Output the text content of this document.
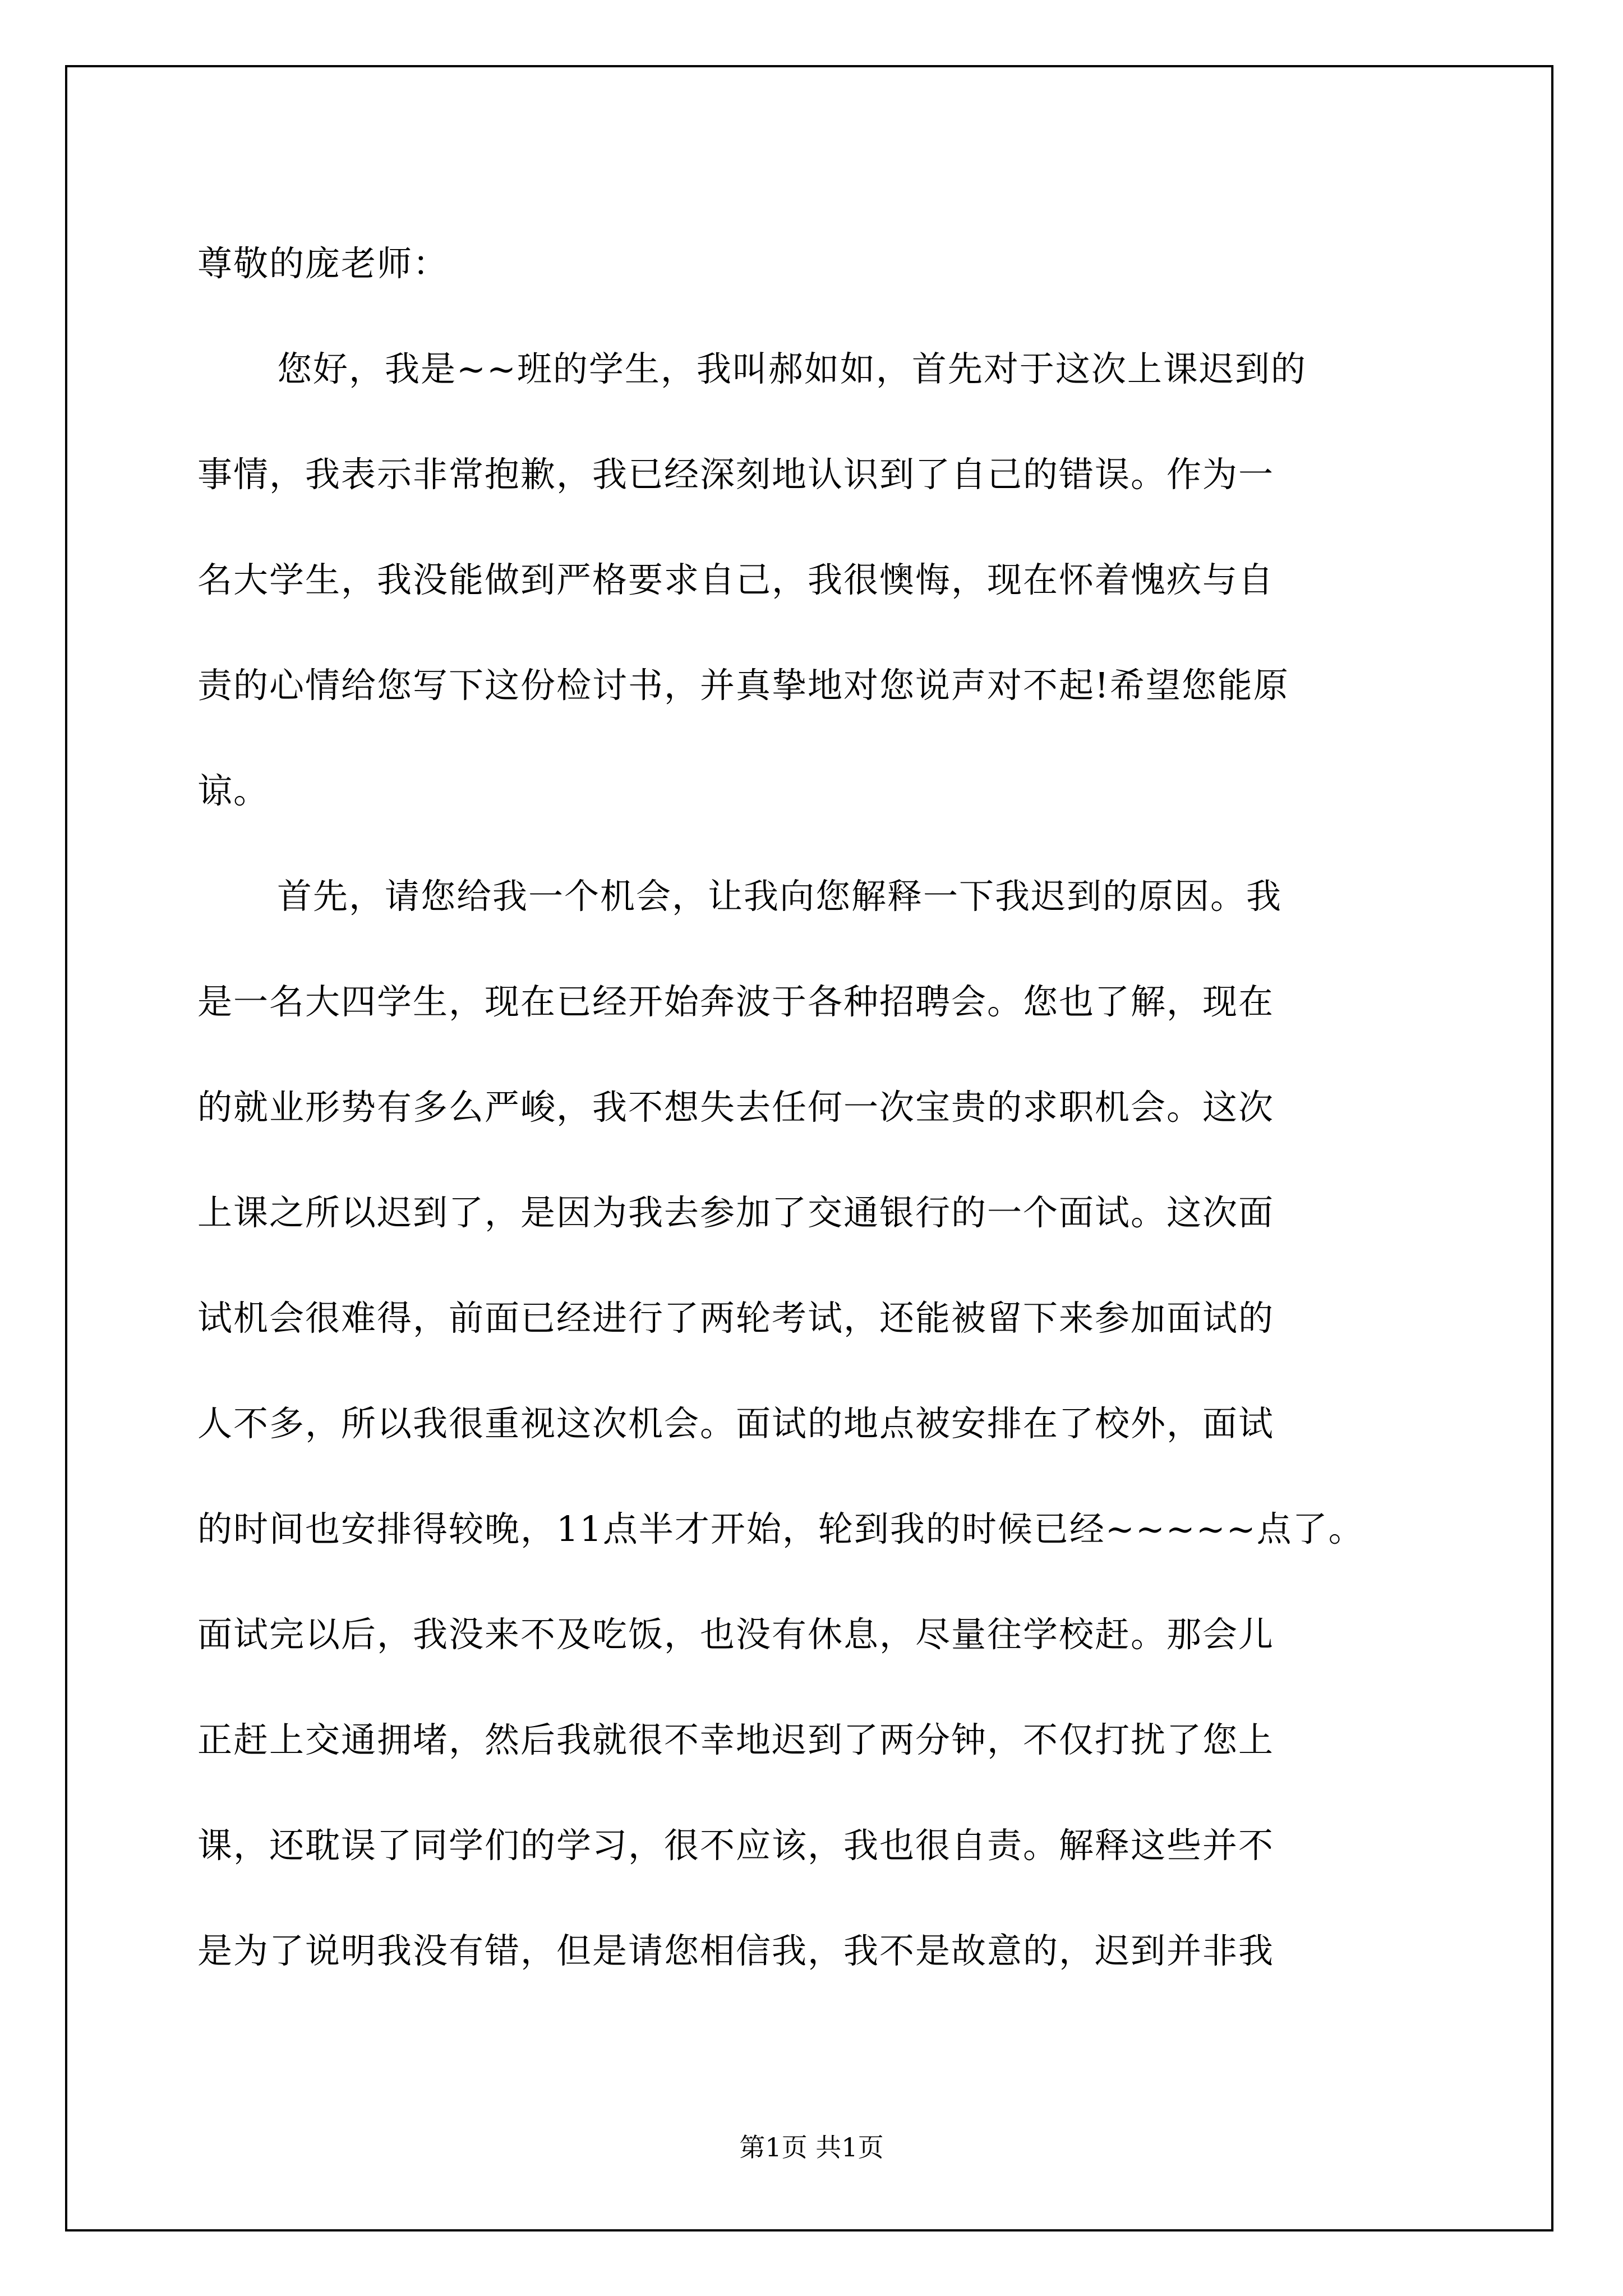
尊敬的庞老师：
您好，我是~~班的学生，我叫郝如如，首先对于这次上课迟到的
事情，我表示非常抱歉，我已经深刻地认识到了自己的错误。作为一
名大学生，我没能做到严格要求自己，我很懊悔，现在怀着愧疚与自
责的心情给您写下这份检讨书，并真挚地对您说声对不起!希望您能原
谅。
首先，请您给我一个机会，让我向您解释一下我迟到的原因。我
是一名大四学生，现在已经开始奔波于各种招聘会。您也了解，现在
的就业形势有多么严峻，我不想失去任何一次宝贵的求职机会。这次
上课之所以迟到了，是因为我去参加了交通银行的一个面试。这次面
试机会很难得，前面已经进行了两轮考试，还能被留下来参加面试的
人不多，所以我很重视这次机会。面试的地点被安排在了校外，面试
的时间也安排得较晚，11点半才开始，轮到我的时候已经~~~~~点了。
面试完以后，我没来不及吃饭，也没有休息，尽量往学校赶。那会儿
正赶上交通拥堵，然后我就很不幸地迟到了两分钟，不仅打扰了您上
课，还耽误了同学们的学习，很不应该，我也很自责。解释这些并不
是为了说明我没有错，但是请您相信我，我不是故意的，迟到并非我
第1页 共1页
